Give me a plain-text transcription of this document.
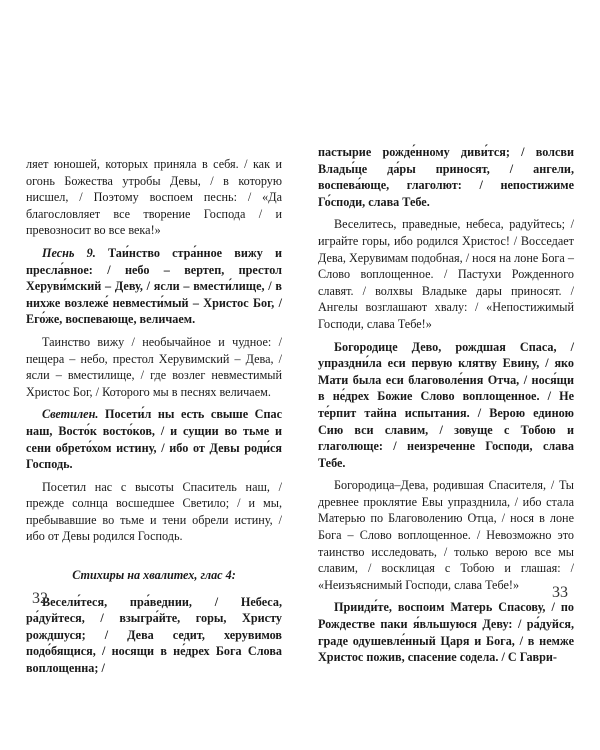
ляет юношей, которых приняла в себя. / как и огонь Божества утробы Девы, / в которую нисшел, / Поэтому воспоем песнь: / «Да благословляет все творение Господа / и превозносит во все века!»

Песнь 9. Таи́нство стра́нное вижу и пресла́вное: / небо – вертеп, престол Херуви́мский – Деву, / ясли – вмести́лище, / в нихже возлеже́ невмести́мый – Христос Бог, / Его́же, воспевающе, величаем.

Таинство вижу / необычайное и чудное: / пещера – небо, престол Херувимский – Дева, / ясли – вместилище, / где возлег невместимый Христос Бог, / Которого мы в песнях величаем.

Светилен. Посети́л ны есть свыше Спас наш, Восто́к восто́ков, / и сущии во тьме и сени обрето́хом истину, / ибо от Девы роди́ся Господь.

Посетил нас с высоты Спаситель наш, / прежде солнца восшедшее Светило; / и мы, пребывавшие во тьме и тени обрели истину, / ибо от Девы родился Господь.

Стихиры на хвалитех, глас 4:

Весели́теся, пра́веднии, / Небеса, ра́дуйтеся, / взыгра́йте, горы, Христу рождшуся; / Дева седит, херувимов подо́бящися, / носящи в не́дрех Бога Слова воплощенна; /

32

пастырие рожде́нному диви́тся; / волсви Влады́це да́ры приносят, / ангели, воспева́юще, глаголют: / непостижиме Го́споди, слава Тебе.

Веселитесь, праведные, небеса, радуйтесь; / играйте горы, ибо родился Христос! / Восседает Дева, Херувимам подобная, / нося на лоне Бога – Слово воплощенное. / Пастухи Рожденного славят. / волхвы Владыке дары приносят. / Ангелы возглашают хвалу: / «Непостижимый Господи, слава Тебе!»

Богородице Дево, рождшая Спаса, / упраздни́ла еси первую клятву Евину, / яко Мати была еси благоволе́ния Отча, / нося́щи в не́дрех Божие Слово воплощенное. / Не те́рпит тайна испытания. / Верою единою Сию вси славим, / зовуще с Тобою и глаголюще: / неизреченне Господи, слава Тебе.

Богородица–Дева, родившая Спасителя, / Ты древнее проклятие Евы упразднила, / ибо стала Матерью по Благоволению Отца, / нося в лоне Бога – Слово воплощенное. / Невозможно это таинство исследовать, / только верою все мы славим, / восклицая с Тобою и глашая: / «Неизъяснимый Господи, слава Тебе!»

Прииди́те, воспоим Матерь Спасову, / по Рождестве паки я́вльшуюся Деву: / ра́дуйся, граде одушевле́нный Царя и Бога, / в немже Христос пожив, спасение содела. / С Гаври-

33
